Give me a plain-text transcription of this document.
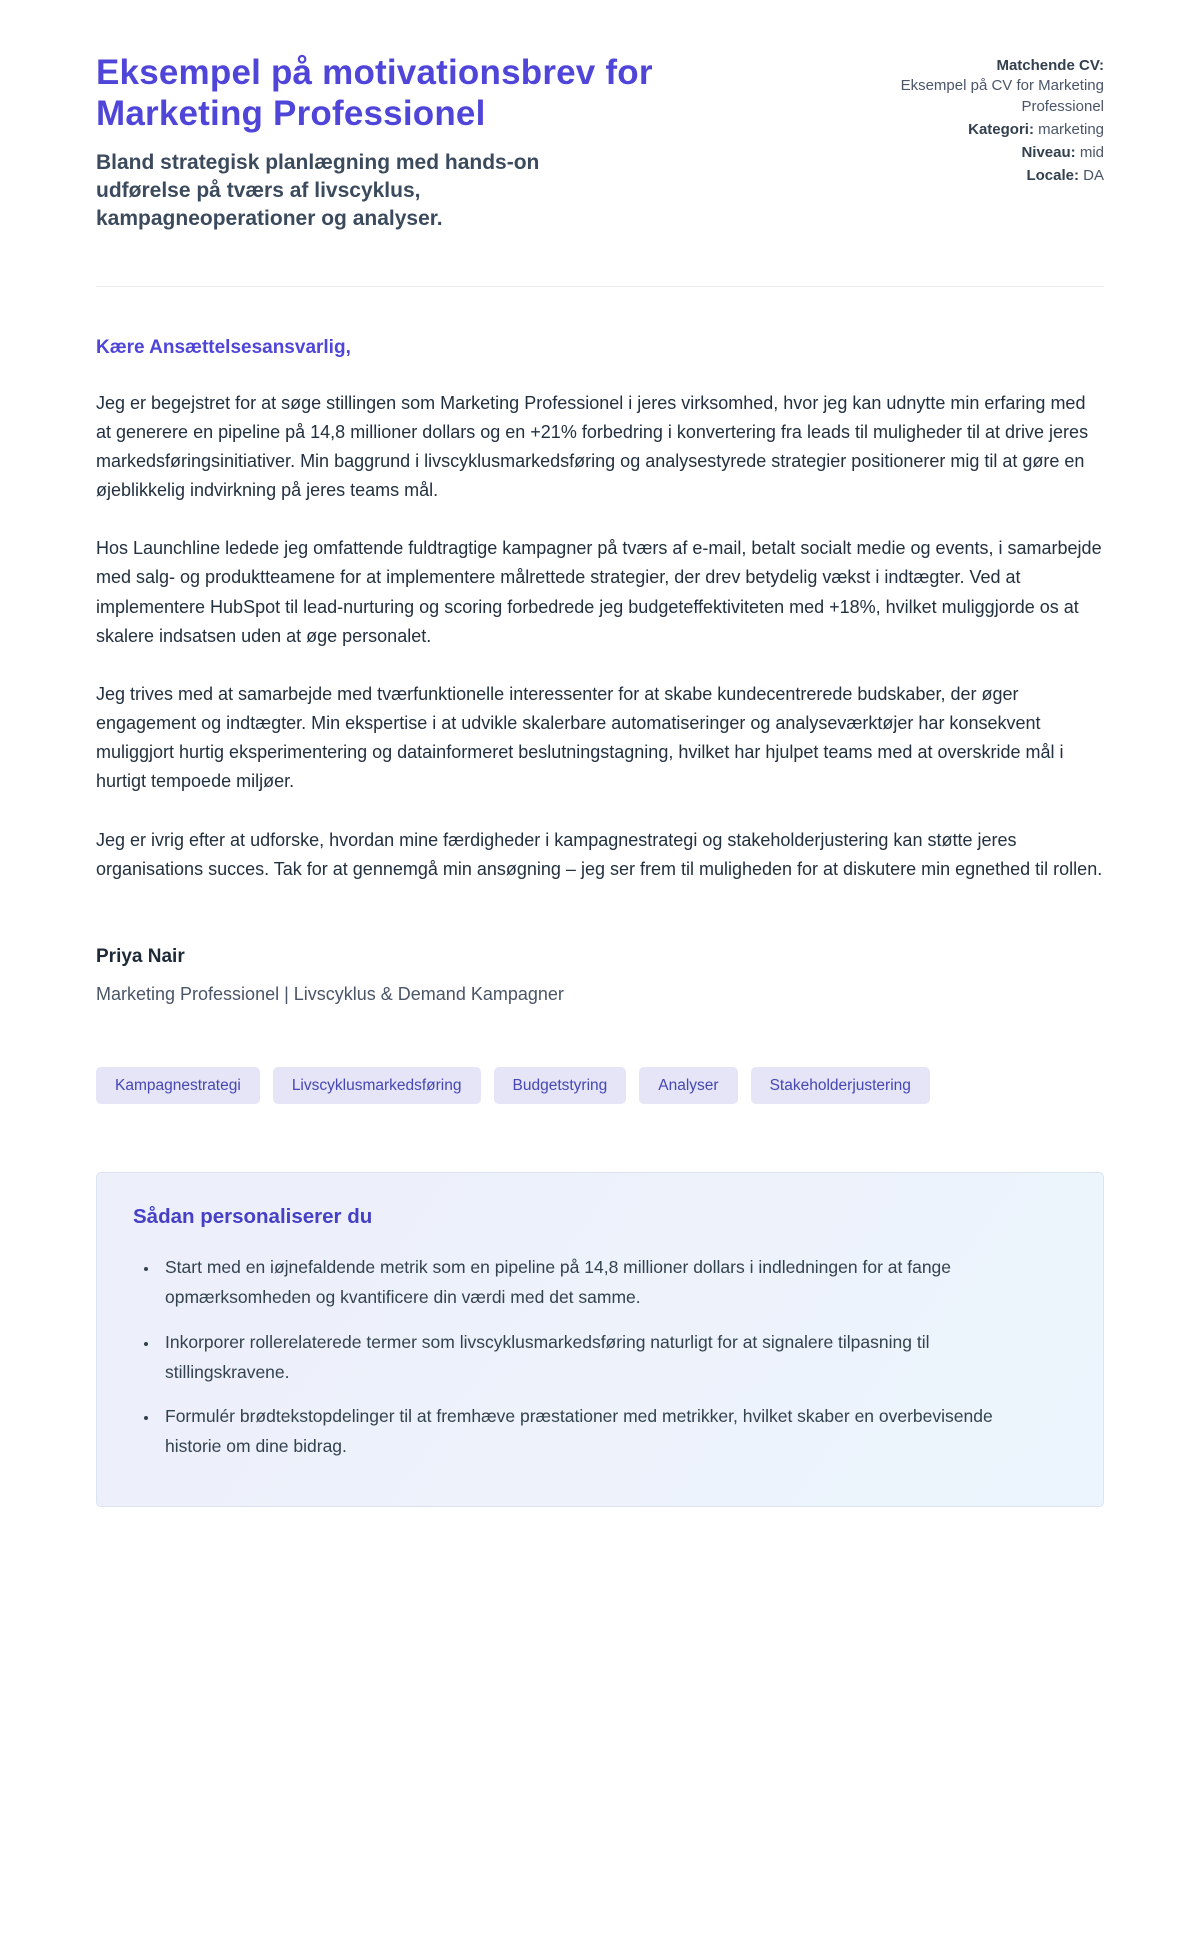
Eksempel på motivationsbrev for Marketing Professionel

Bland strategisk planlægning med hands-on udførelse på tværs af livscyklus, kampagneoperationer og analyser.

Matchende CV:
Eksempel på CV for Marketing Professionel
Kategori: marketing
Niveau: mid
Locale: DA

Kære Ansættelsesansvarlig,

Jeg er begejstret for at søge stillingen som Marketing Professionel i jeres virksomhed, hvor jeg kan udnytte min erfaring med at generere en pipeline på 14,8 millioner dollars og en +21% forbedring i konvertering fra leads til muligheder til at drive jeres markedsføringsinitiativer. Min baggrund i livscyklusmarkedsføring og analysestyrede strategier positionerer mig til at gøre en øjeblikkelig indvirkning på jeres teams mål.

Hos Launchline ledede jeg omfattende fuldtragtige kampagner på tværs af e-mail, betalt socialt medie og events, i samarbejde med salg- og produktteamene for at implementere målrettede strategier, der drev betydelig vækst i indtægter. Ved at implementere HubSpot til lead-nurturing og scoring forbedrede jeg budgeteffektiviteten med +18%, hvilket muliggjorde os at skalere indsatsen uden at øge personalet.

Jeg trives med at samarbejde med tværfunktionelle interessenter for at skabe kundecentrerede budskaber, der øger engagement og indtægter. Min ekspertise i at udvikle skalerbare automatiseringer og analyseværktøjer har konsekvent muliggjort hurtig eksperimentering og datainformeret beslutningstagning, hvilket har hjulpet teams med at overskride mål i hurtigt tempoede miljøer.

Jeg er ivrig efter at udforske, hvordan mine færdigheder i kampagnestrategi og stakeholderjustering kan støtte jeres organisations succes. Tak for at gennemgå min ansøgning – jeg ser frem til muligheden for at diskutere min egnethed til rollen.

Priya Nair

Marketing Professionel | Livscyklus & Demand Kampagner

Kampagnestrategi	Livscyklusmarkedsføring	Budgetstyring	Analyser	Stakeholderjustering
Sådan personaliserer du
• Start med en iøjnefaldende metrik som en pipeline på 14,8 millioner dollars i indledningen for at fange opmærksomheden og kvantificere din værdi med det samme.
• Inkorporer rollerelaterede termer som livscyklusmarkedsføring naturligt for at signalere tilpasning til stillingskravene.
• Formulér brødtekstopdelinger til at fremhæve præstationer med metrikker, hvilket skaber en overbevisende historie om dine bidrag.
